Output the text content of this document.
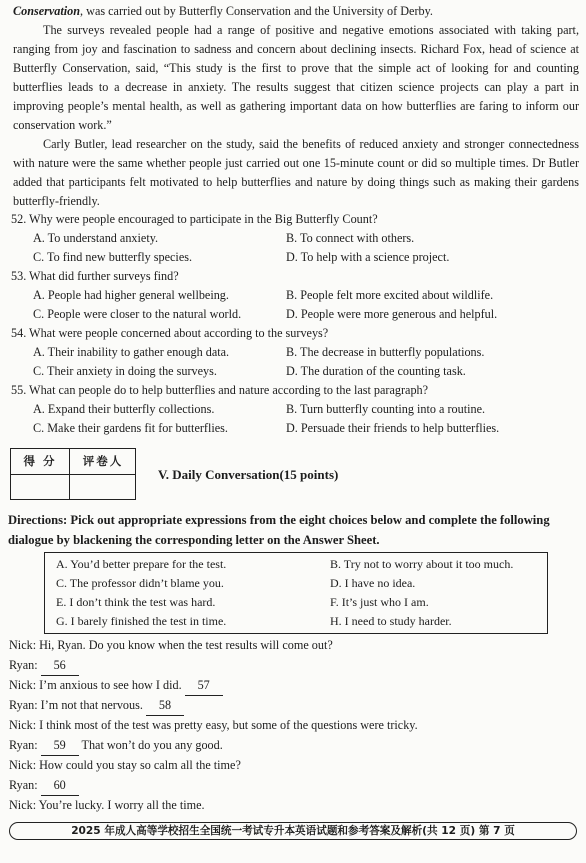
Conservation, was carried out by Butterfly Conservation and the University of Derby.

The surveys revealed people had a range of positive and negative emotions associated with taking part, ranging from joy and fascination to sadness and concern about declining insects. Richard Fox, head of science at Butterfly Conservation, said, “This study is the first to prove that the simple act of looking for and counting butterflies leads to a decrease in anxiety. The results suggest that citizen science projects can play a part in improving people’s mental health, as well as gathering important data on how butterflies are faring to inform our conservation work.”

Carly Butler, lead researcher on the study, said the benefits of reduced anxiety and stronger connectedness with nature were the same whether people just carried out one 15-minute count or did so multiple times. Dr Butler added that participants felt motivated to help butterflies and nature by doing things such as making their gardens butterfly-friendly.

52. Why were people encouraged to participate in the Big Butterfly Count?
A. To understand anxiety.	B. To connect with others.
C. To find new butterfly species.	D. To help with a science project.
53. What did further surveys find?
A. People had higher general wellbeing.	B. People felt more excited about wildlife.
C. People were closer to the natural world.	D. People were more generous and helpful.
54. What were people concerned about according to the surveys?
A. Their inability to gather enough data.	B. The decrease in butterfly populations.
C. Their anxiety in doing the surveys.	D. The duration of the counting task.
55. What can people do to help butterflies and nature according to the last paragraph?
A. Expand their butterfly collections.	B. Turn butterfly counting into a routine.
C. Make their gardens fit for butterflies.	D. Persuade their friends to help butterflies.
得 分	评卷人
V. Daily Conversation(15 points)

Directions: Pick out appropriate expressions from the eight choices below and complete the following dialogue by blackening the corresponding letter on the Answer Sheet.

A. You’d better prepare for the test.	B. Try not to worry about it too much.
C. The professor didn’t blame you.	D. I have no idea.
E. I don’t think the test was hard.	F. It’s just who I am.
G. I barely finished the test in time.	H. I need to study harder.
Nick: Hi, Ryan. Do you know when the test results will come out?
Ryan: 56
Nick: I’m anxious to see how I did. 57
Ryan: I’m not that nervous. 58
Nick: I think most of the test was pretty easy, but some of the questions were tricky.
Ryan: 59 That won’t do you any good.
Nick: How could you stay so calm all the time?
Ryan: 60
Nick: You’re lucky. I worry all the time.
2025 年成人高等学校招生全国统一考试专升本英语试题和参考答案及解析(共 12 页) 第 7 页
